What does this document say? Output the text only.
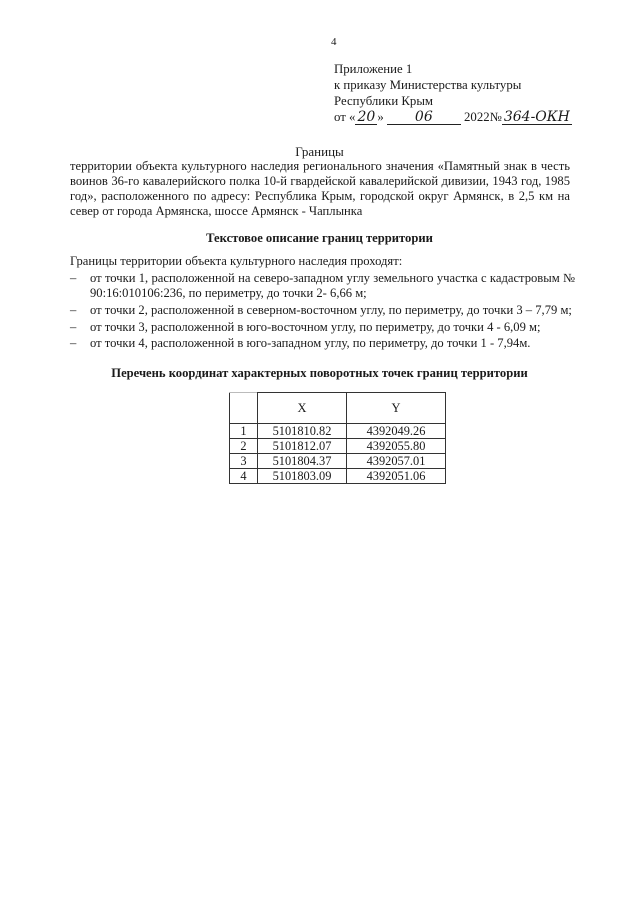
4
Приложение 1
к приказу Министерства культуры
Республики Крым
от « 20 » 06 2022№ 364-ОКН
Границы
территории объекта культурного наследия регионального значения «Памятный знак в честь воинов 36-го кавалерийского полка 10-й гвардейской кавалерийской дивизии, 1943 год, 1985 год», расположенного по адресу: Республика Крым, городской округ Армянск, в 2,5 км на север от города Армянска, шоссе Армянск - Чаплынка
Текстовое описание границ территории
Границы территории объекта культурного наследия проходят:
– от точки 1, расположенной на северо-западном углу земельного участка с кадастровым № 90:16:010106:236, по периметру, до точки 2- 6,66 м;
– от точки 2, расположенной в северном-восточном углу, по периметру, до точки 3 – 7,79 м;
– от точки 3, расположенной в юго-восточном углу, по периметру, до точки 4 - 6,09 м;
– от точки 4, расположенной в юго-западном углу, по периметру, до точки 1 - 7,94м.
Перечень координат характерных поворотных точек границ территории
	X	Y
1	5101810.82	4392049.26
2	5101812.07	4392055.80
3	5101804.37	4392057.01
4	5101803.09	4392051.06
